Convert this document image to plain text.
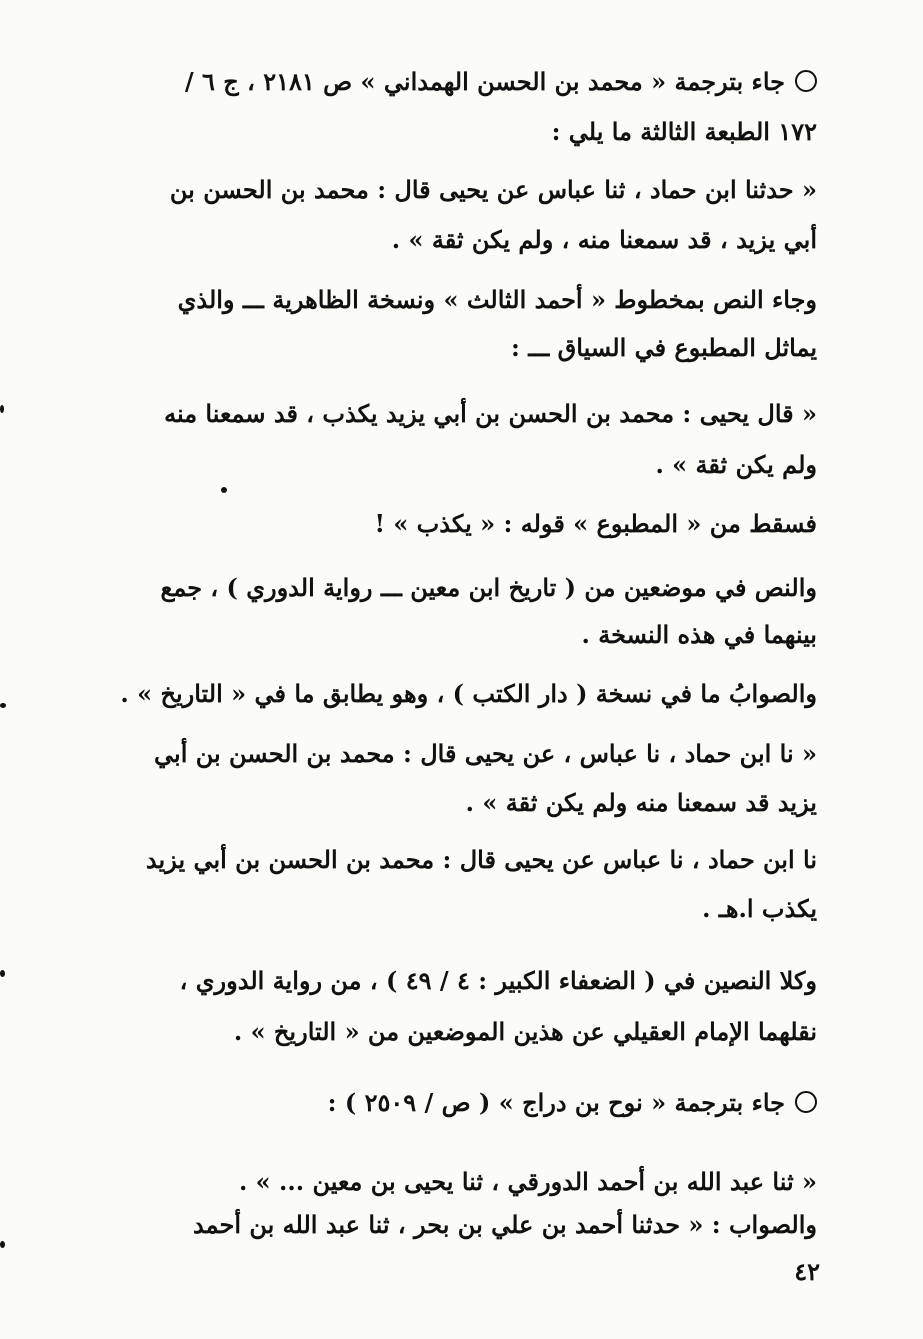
جاء بترجمة « محمد بن الحسن الهمداني » ص ٢١٨١ ، ج ٦ /
١٧٢ الطبعة الثالثة ما يلي :
« حدثنا ابن حماد ، ثنا عباس عن يحيى قال : محمد بن الحسن بن
أبي يزيد ، قد سمعنا منه ، ولم يكن ثقة » .
وجاء النص بمخطوط « أحمد الثالث » ونسخة الظاهرية ـــ والذي
يماثل المطبوع في السياق ـــ :
« قال يحيى : محمد بن الحسن بن أبي يزيد يكذب ، قد سمعنا منه
ولم يكن ثقة » .
فسقط من « المطبوع » قوله : « يكذب » !
والنص في موضعين من ( تاريخ ابن معين ـــ رواية الدوري ) ، جمع
بينهما في هذه النسخة .
والصوابُ ما في نسخة ( دار الكتب ) ، وهو يطابق ما في « التاريخ » .
« نا ابن حماد ، نا عباس ، عن يحيى قال : محمد بن الحسن بن أبي
يزيد قد سمعنا منه ولم يكن ثقة » .
نا ابن حماد ، نا عباس عن يحيى قال : محمد بن الحسن بن أبي يزيد
يكذب ا.هـ .
وكلا النصين في ( الضعفاء الكبير : ٤ / ٤٩ ) ، من رواية الدوري ،
نقلهما الإمام العقيلي عن هذين الموضعين من « التاريخ » .
جاء بترجمة « نوح بن دراج » ( ص / ٢٥٠٩ ) :
« ثنا عبد الله بن أحمد الدورقي ، ثنا يحيى بن معين ... » .
والصواب : « حدثنا أحمد بن علي بن بحر ، ثنا عبد الله بن أحمد
٤٢
